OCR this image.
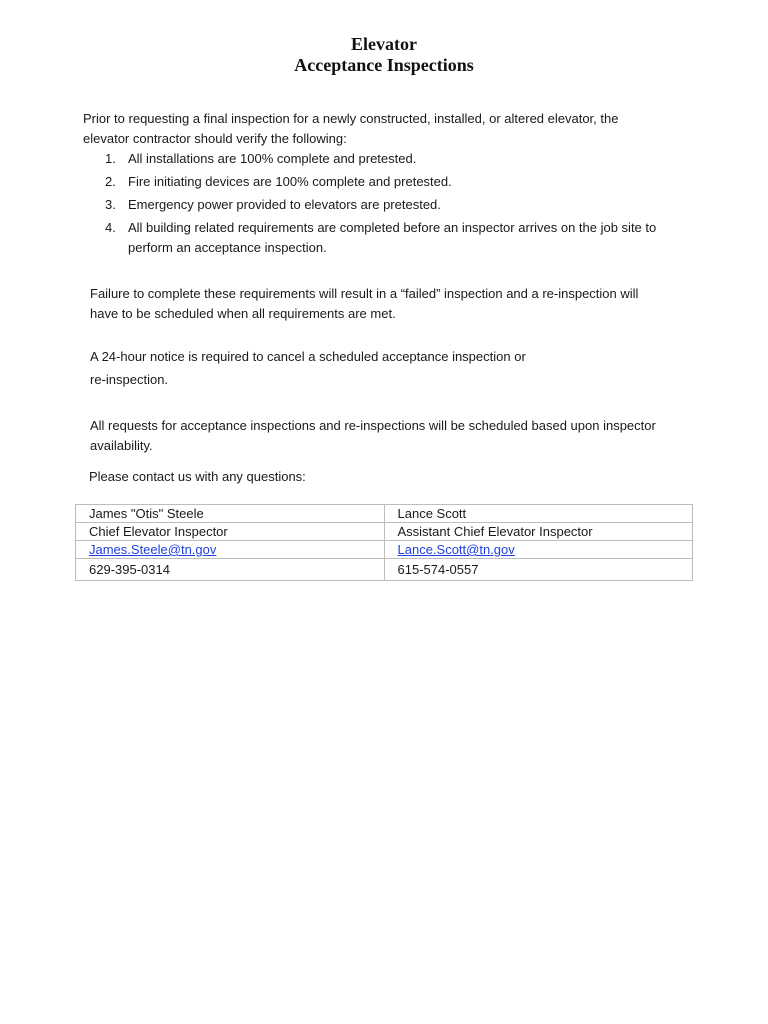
Elevator
Acceptance Inspections
Prior to requesting a final inspection for a newly constructed, installed, or altered elevator, the elevator contractor should verify the following:
1. All installations are 100% complete and pretested.
2. Fire initiating devices are 100% complete and pretested.
3. Emergency power provided to elevators are pretested.
4. All building related requirements are completed before an inspector arrives on the job site to perform an acceptance inspection.
Failure to complete these requirements will result in a “failed” inspection and a re-inspection will have to be scheduled when all requirements are met.
A 24-hour notice is required to cancel a scheduled acceptance inspection or
re-inspection.
All requests for acceptance inspections and re-inspections will be scheduled based upon inspector availability.
Please contact us with any questions:
James "Otis" Steele	Lance Scott
Chief Elevator Inspector	Assistant Chief Elevator Inspector
James.Steele@tn.gov	Lance.Scott@tn.gov
629-395-0314	615-574-0557
